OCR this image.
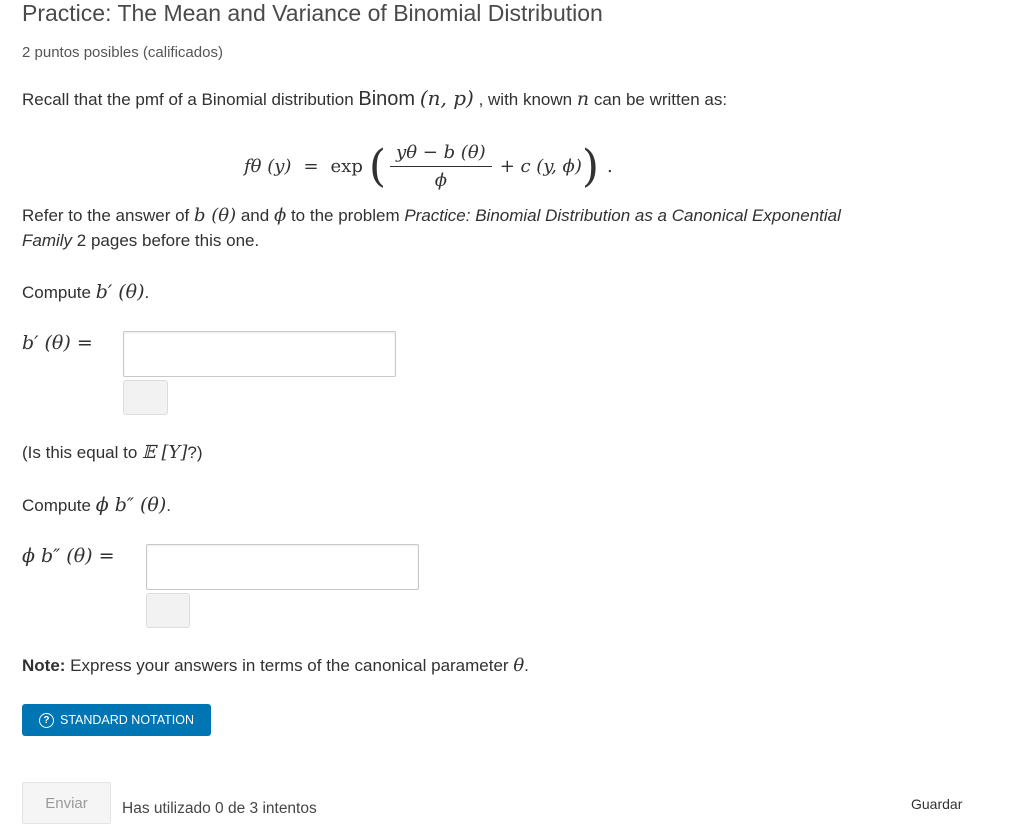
Practice: The Mean and Variance of Binomial Distribution
2 puntos posibles (calificados)
Recall that the pmf of a Binomial distribution Binom (n, p) , with known n can be written as:
fθ (y) = exp ( $\frac{y\theta - b (\theta)}{\phi} + c$ (y, ϕ) ) .
Refer to the answer of b (θ) and ϕ to the problem Practice: Binomial Distribution as a Canonical Exponential
Family 2 pages before this one.
Compute b′ (θ).
b′ (θ) =
(Is this equal to 𝔼 [Y]?)
Compute ϕ b″ (θ).
ϕ b″ (θ) =
Note: Express your answers in terms of the canonical parameter θ.
? STANDARD NOTATION
Enviar	Has utilizado 0 de 3 intentos	Guardar
